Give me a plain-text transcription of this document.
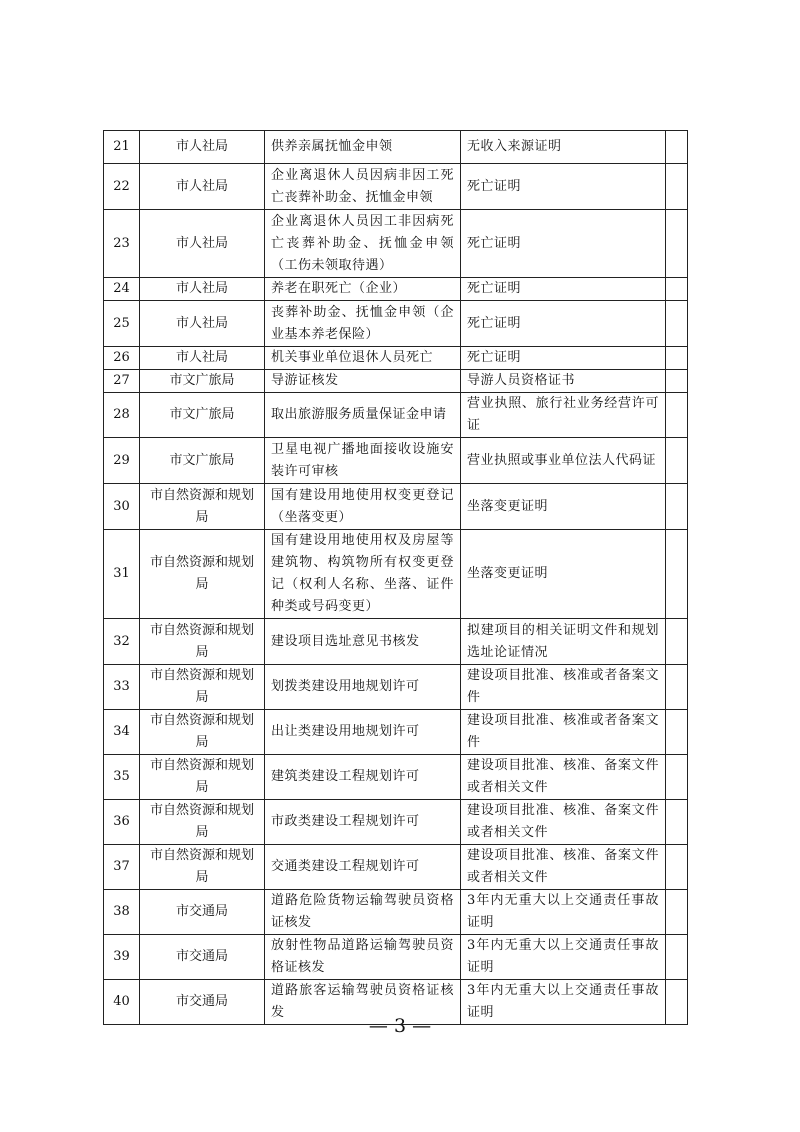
21	市人社局	供养亲属抚恤金申领	无收入来源证明	
22	市人社局	企业离退休人员因病非因工死亡丧葬补助金、抚恤金申领	死亡证明	
23	市人社局	企业离退休人员因工非因病死亡丧葬补助金、抚恤金申领（工伤未领取待遇）	死亡证明	
24	市人社局	养老在职死亡（企业）	死亡证明	
25	市人社局	丧葬补助金、抚恤金申领（企业基本养老保险）	死亡证明	
26	市人社局	机关事业单位退休人员死亡	死亡证明	
27	市文广旅局	导游证核发	导游人员资格证书	
28	市文广旅局	取出旅游服务质量保证金申请	营业执照、旅行社业务经营许可证	
29	市文广旅局	卫星电视广播地面接收设施安装许可审核	营业执照或事业单位法人代码证	
30	市自然资源和规划局	国有建设用地使用权变更登记（坐落变更）	坐落变更证明	
31	市自然资源和规划局	国有建设用地使用权及房屋等建筑物、构筑物所有权变更登记（权利人名称、坐落、证件种类或号码变更）	坐落变更证明	
32	市自然资源和规划局	建设项目选址意见书核发	拟建项目的相关证明文件和规划选址论证情况	
33	市自然资源和规划局	划拨类建设用地规划许可	建设项目批准、核准或者备案文件	
34	市自然资源和规划局	出让类建设用地规划许可	建设项目批准、核准或者备案文件	
35	市自然资源和规划局	建筑类建设工程规划许可	建设项目批准、核准、备案文件或者相关文件	
36	市自然资源和规划局	市政类建设工程规划许可	建设项目批准、核准、备案文件或者相关文件	
37	市自然资源和规划局	交通类建设工程规划许可	建设项目批准、核准、备案文件或者相关文件	
38	市交通局	道路危险货物运输驾驶员资格证核发	3年内无重大以上交通责任事故证明	
39	市交通局	放射性物品道路运输驾驶员资格证核发	3年内无重大以上交通责任事故证明	
40	市交通局	道路旅客运输驾驶员资格证核发	3年内无重大以上交通责任事故证明	
— 3 —
